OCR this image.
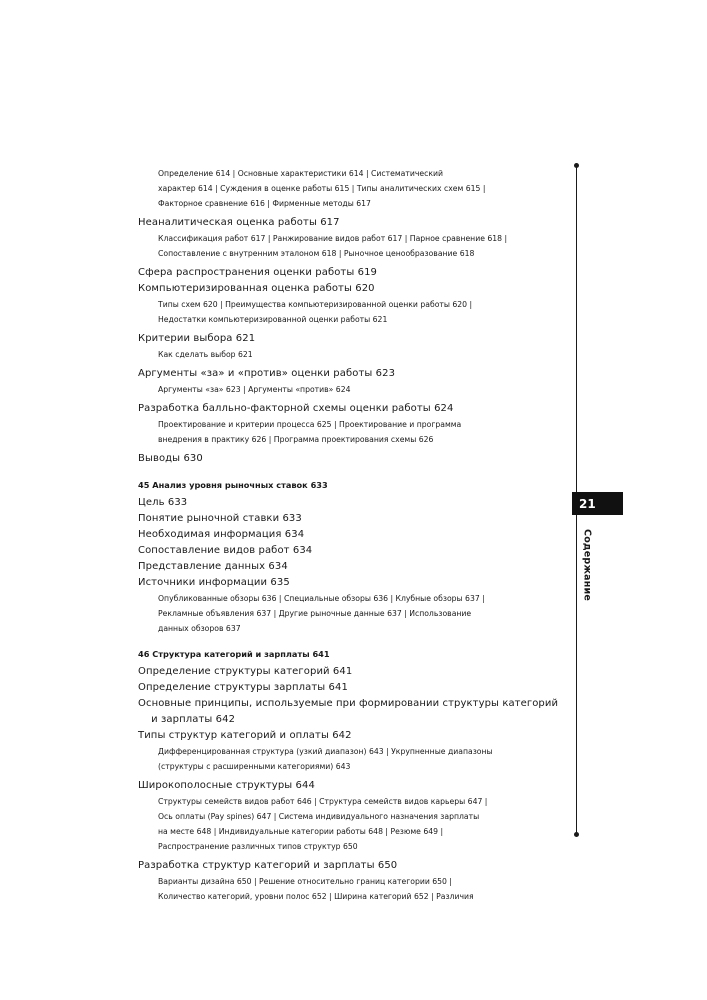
Определение 614 | Основные характеристики 614 | Систематический
характер 614 | Суждения в оценке работы 615 | Типы аналитических схем 615 |
Факторное сравнение 616 | Фирменные методы 617
Неаналитическая оценка работы 617
Классификация работ 617 | Ранжирование видов работ 617 | Парное сравнение 618 |
Сопоставление с внутренним эталоном 618 | Рыночное ценообразование 618
Сфера распространения оценки работы 619
Компьютеризированная оценка работы 620
Типы схем 620 | Преимущества компьютеризированной оценки работы 620 |
Недостатки компьютеризированной оценки работы 621
Критерии выбора 621
Как сделать выбор 621
Аргументы «за» и «против» оценки работы 623
Аргументы «за» 623 | Аргументы «против» 624
Разработка балльно-факторной схемы оценки работы 624
Проектирование и критерии процесса 625 | Проектирование и программа
внедрения в практику 626 | Программа проектирования схемы 626
Выводы 630
45 Анализ уровня рыночных ставок 633
Цель 633
Понятие рыночной ставки 633
Необходимая информация 634
Сопоставление видов работ 634
Представление данных 634
Источники информации 635
Опубликованные обзоры 636 | Специальные обзоры 636 | Клубные обзоры 637 |
Рекламные объявления 637 | Другие рыночные данные 637 | Использование
данных обзоров 637
46 Структура категорий и зарплаты 641
Определение структуры категорий 641
Определение структуры зарплаты 641
Основные принципы, используемые при формировании структуры категорий
и зарплаты 642
Типы структур категорий и оплаты 642
Дифференцированная структура (узкий диапазон) 643 | Укрупненные диапазоны
(структуры с расширенными категориями) 643
Широкополосные структуры 644
Структуры семейств видов работ 646 | Структура семейств видов карьеры 647 |
Ось оплаты (Pay spines) 647 | Система индивидуального назначения зарплаты
на месте 648 | Индивидуальные категории работы 648 | Резюме 649 |
Распространение различных типов структур 650
Разработка структур категорий и зарплаты 650
Варианты дизайна 650 | Решение относительно границ категории 650 |
Количество категорий, уровни полос 652 | Ширина категорий 652 | Различия
21
Содержание
